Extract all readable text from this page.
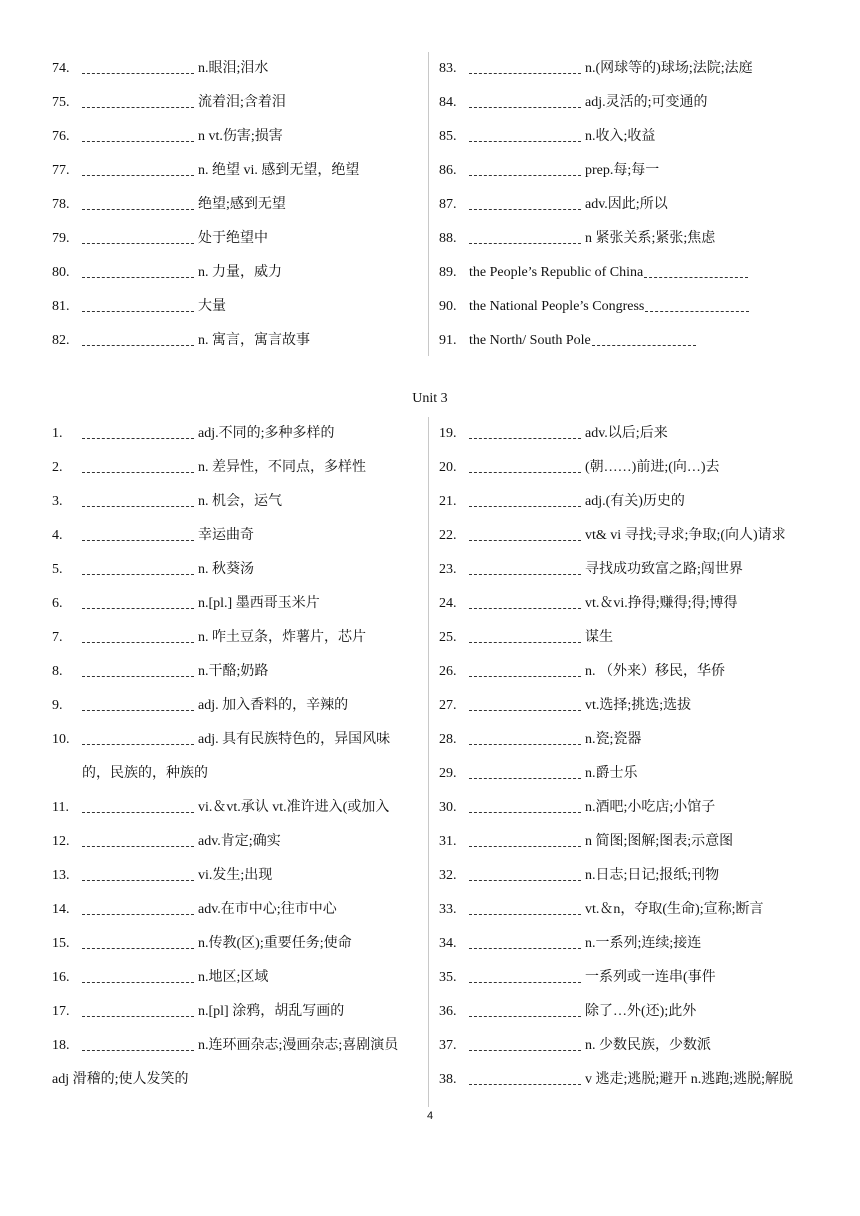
74.	n.眼泪;泪水
75.	流着泪;含着泪
76.	n vt.伤害;损害
77.	n. 绝望 vi. 感到无望，绝望
78.	绝望;感到无望
79.	处于绝望中
80.	n. 力量，威力
81.	大量
82.	n. 寓言，寓言故事
83.	n.(网球等的)球场;法院;法庭
84.	adj.灵活的;可变通的
85.	n.收入;收益
86.	prep.每;每一
87.	adv.因此;所以
88.	n 紧张关系;紧张;焦虑
89. the People’s Republic of China
90. the National People’s Congress
91. the North/ South Pole
Unit 3
1.	adj.不同的;多种多样的
2.	n. 差异性，不同点，多样性
3.	n. 机会，运气
4.	幸运曲奇
5.	n. 秋葵汤
6.	n.[pl.] 墨西哥玉米片
7.	n. 咋土豆条，炸薯片，芯片
8.	n.干酪;奶路
9.	adj. 加入香料的，辛辣的
10.	adj. 具有民族特色的，异国风味
的，民族的，种族的
11.	vi.＆vt.承认 vt.准许进入(或加入
12.	adv.肯定;确实
13.	vi.发生;出现
14.	adv.在市中心;往市中心
15.	n.传教(区);重要任务;使命
16.	n.地区;区域
17.	n.[pl] 涂鸦，胡乱写画的
18.	n.连环画杂志;漫画杂志;喜剧演员
adj 滑稽的;使人发笑的
19.	adv.以后;后来
20.	(朝……)前进;(向…)去
21.	adj.(有关)历史的
22.	vt& vi 寻找;寻求;争取;(向人)请求
23.	寻找成功致富之路;闯世界
24.	vt.＆vi.挣得;赚得;得;博得
25.	谋生
26.	n. （外来）移民，华侨
27.	vt.选择;挑选;选拔
28.	n.瓷;瓷器
29.	n.爵士乐
30.	n.酒吧;小吃店;小馆子
31.	n 简图;图解;图表;示意图
32.	n.日志;日记;报纸;刊物
33.	vt.＆n，夺取(生命);宣称;断言
34.	n.一系列;连续;接连
35.	一系列或一连串(事件
36.	除了…外(还);此外
37.	n. 少数民族，少数派
38.	v 逃走;逃脱;避开 n.逃跑;逃脱;解脱
4
